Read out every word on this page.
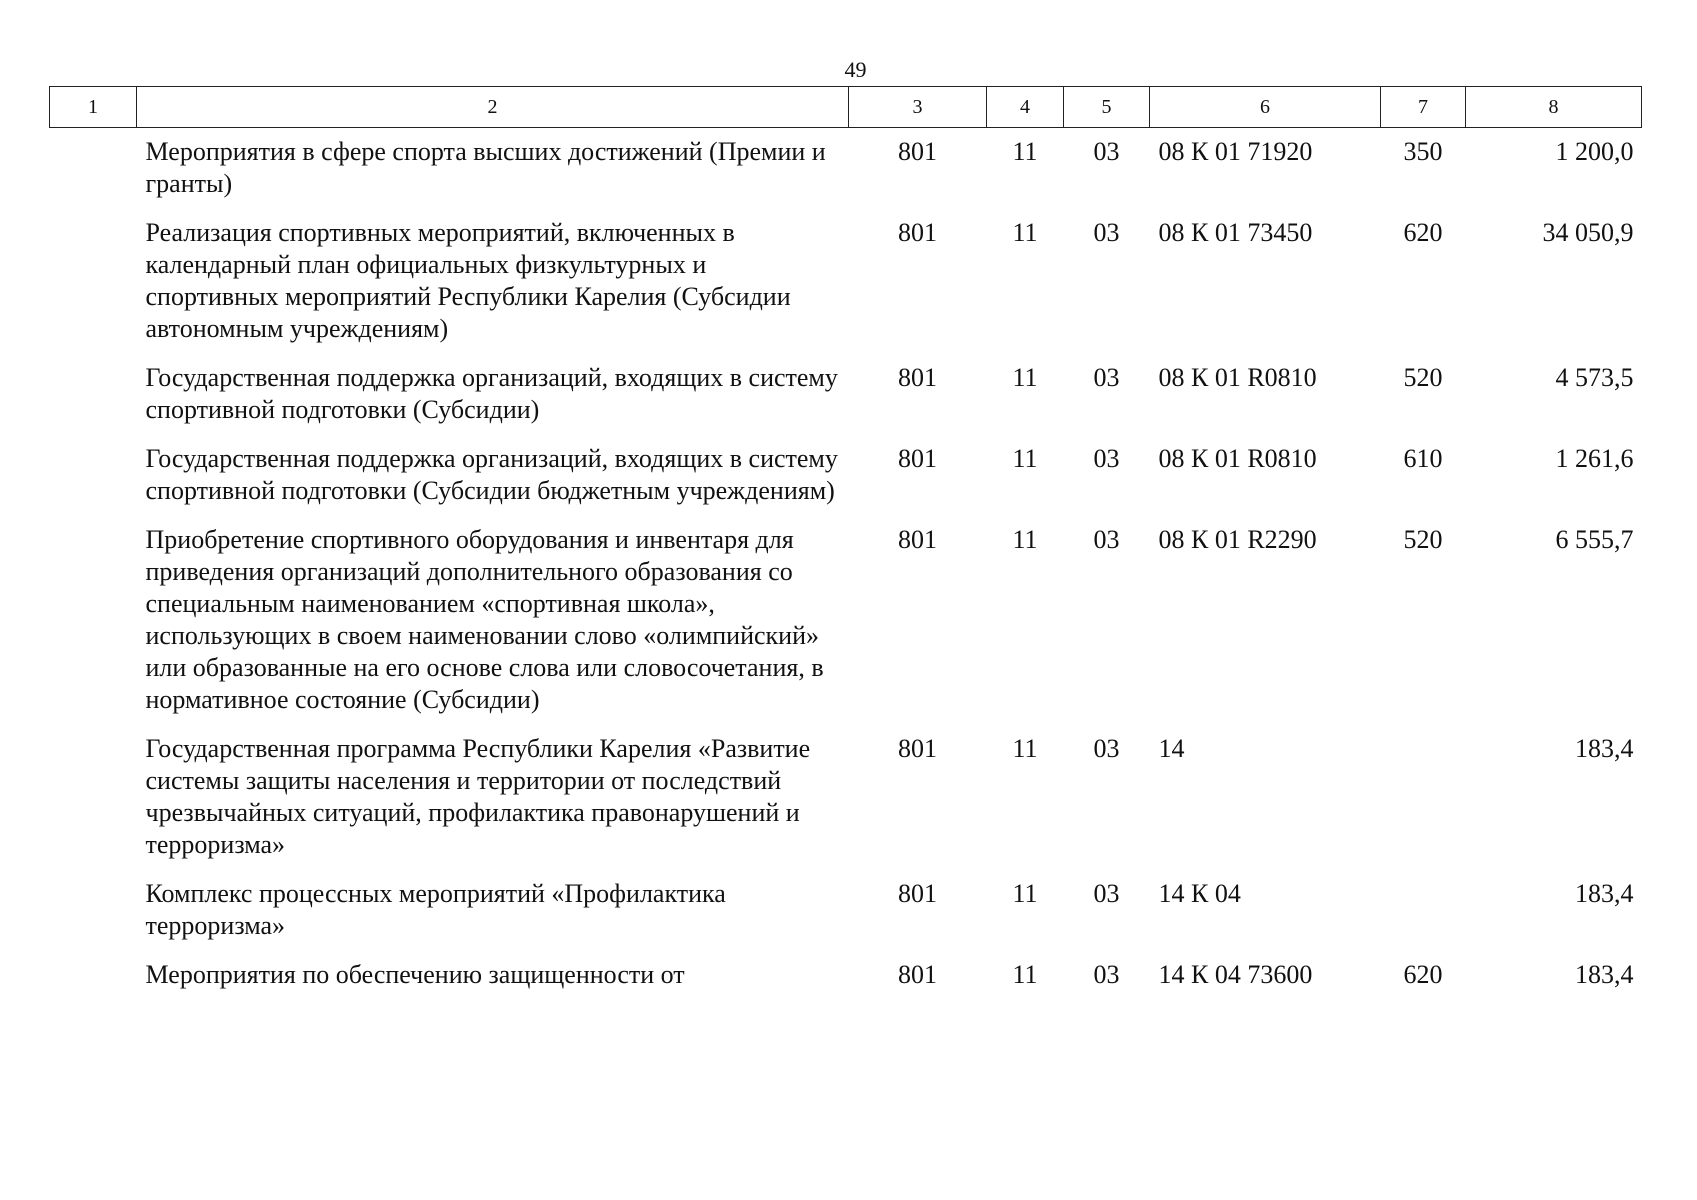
49
1	2	3	4	5	6	7	8
	Мероприятия в сфере спорта высших достижений (Премии и гранты)	801	11	03	08 К 01 71920	350	1 200,0
	Реализация спортивных мероприятий, включенных в календарный план официальных физкультурных и спортивных мероприятий Республики Карелия (Субсидии автономным учреждениям)	801	11	03	08 К 01 73450	620	34 050,9
	Государственная поддержка организаций, входящих в систему спортивной подготовки (Субсидии)	801	11	03	08 К 01 R0810	520	4 573,5
	Государственная поддержка организаций, входящих в систему спортивной подготовки (Субсидии бюджетным учреждениям)	801	11	03	08 К 01 R0810	610	1 261,6
	Приобретение спортивного оборудования и инвентаря для приведения организаций дополнительного образования со специальным наименованием «спортивная школа», использующих в своем наименовании слово «олимпийский» или образованные на его основе слова или словосочетания, в нормативное состояние (Субсидии)	801	11	03	08 К 01 R2290	520	6 555,7
	Государственная программа Республики Карелия «Развитие системы защиты населения и территории от последствий чрезвычайных ситуаций, профилактика правонарушений и терроризма»	801	11	03	14		183,4
	Комплекс процессных мероприятий «Профилактика терроризма»	801	11	03	14 К 04		183,4
	Мероприятия по обеспечению защищенности от	801	11	03	14 К 04 73600	620	183,4
